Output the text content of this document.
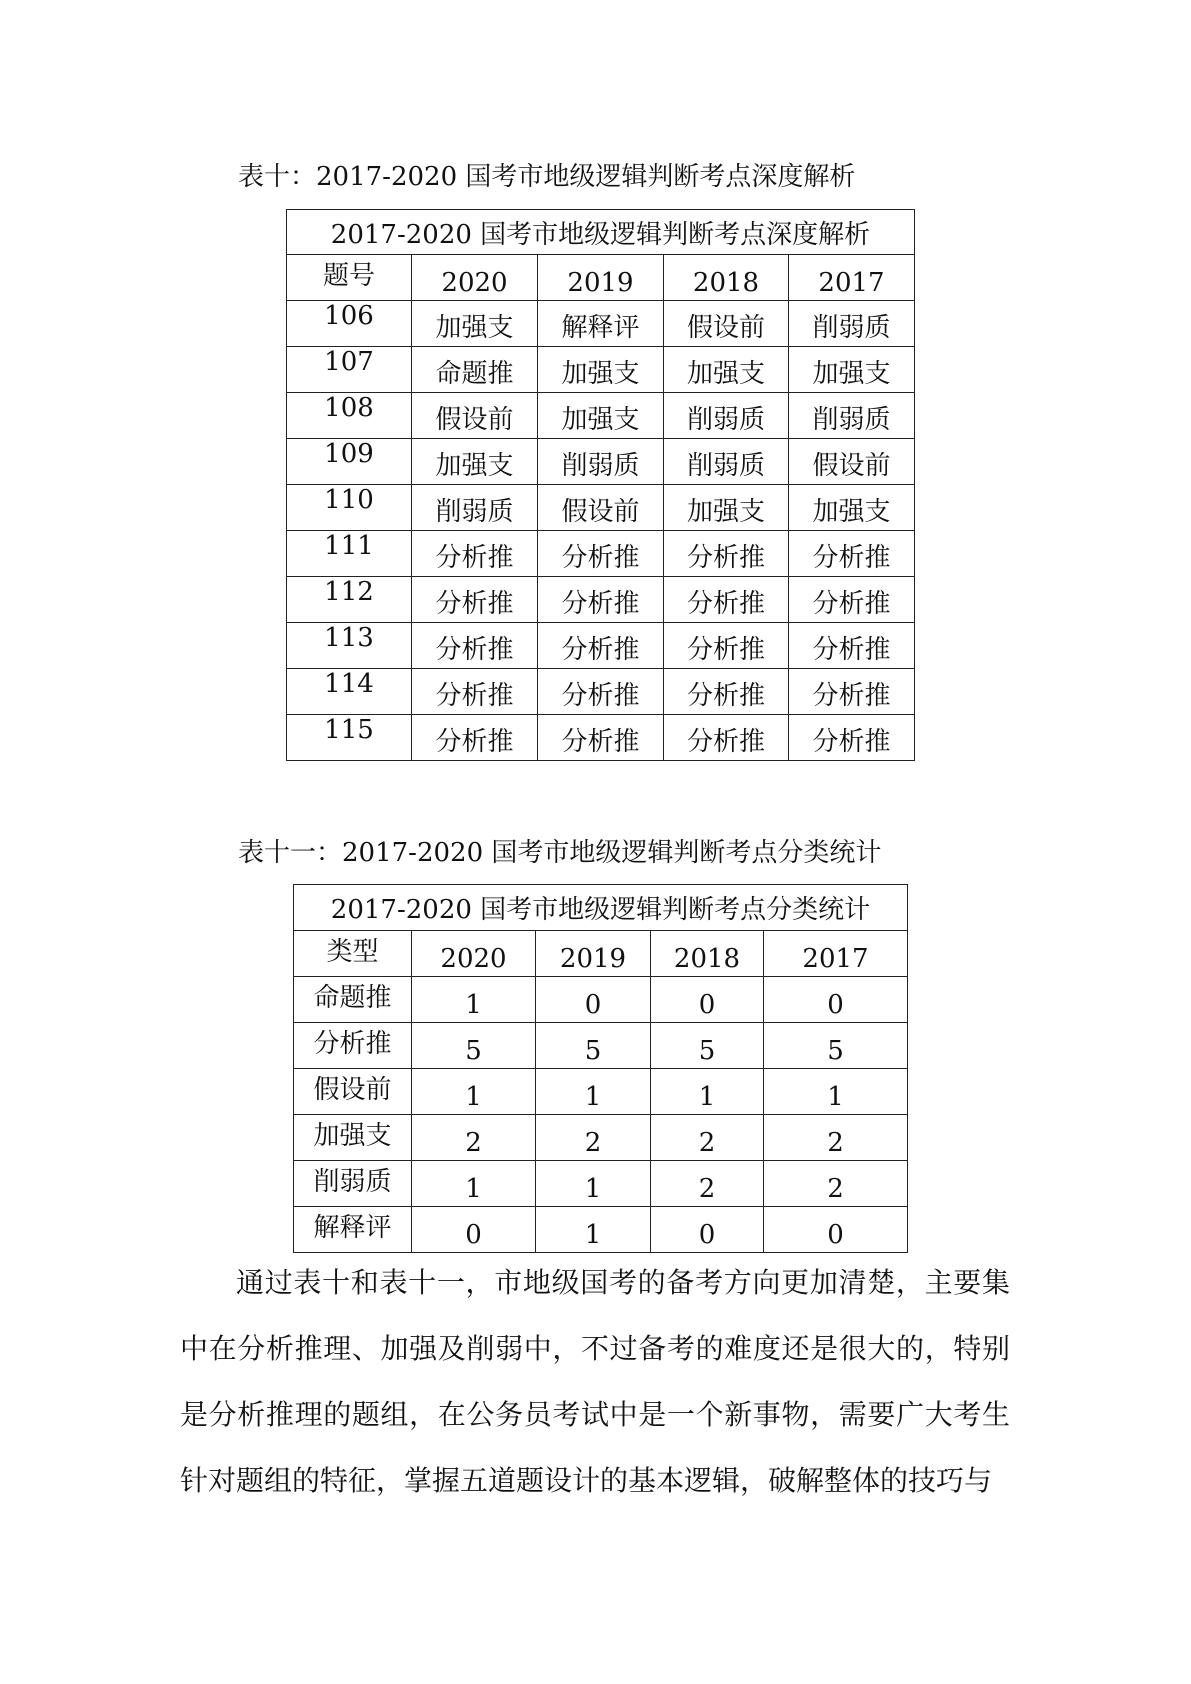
表十：2017-2020 国考市地级逻辑判断考点深度解析
2017-2020 国考市地级逻辑判断考点深度解析				
题号	2020	2019	2018	2017
106	加强支	解释评	假设前	削弱质
107	命题推	加强支	加强支	加强支
108	假设前	加强支	削弱质	削弱质
109	加强支	削弱质	削弱质	假设前
110	削弱质	假设前	加强支	加强支
111	分析推	分析推	分析推	分析推
112	分析推	分析推	分析推	分析推
113	分析推	分析推	分析推	分析推
114	分析推	分析推	分析推	分析推
115	分析推	分析推	分析推	分析推
表十一：2017-2020 国考市地级逻辑判断考点分类统计
2017-2020 国考市地级逻辑判断考点分类统计				
类型	2020	2019	2018	2017
命题推	1	0	0	0
分析推	5	5	5	5
假设前	1	1	1	1
加强支	2	2	2	2
削弱质	1	1	2	2
解释评	0	1	0	0

通过表十和表十一，市地级国考的备考方向更加清楚，主要集中在分析推理、加强及削弱中，不过备考的难度还是很大的，特别是分析推理的题组，在公务员考试中是一个新事物，需要广大考生针对题组的特征，掌握五道题设计的基本逻辑，破解整体的技巧与
